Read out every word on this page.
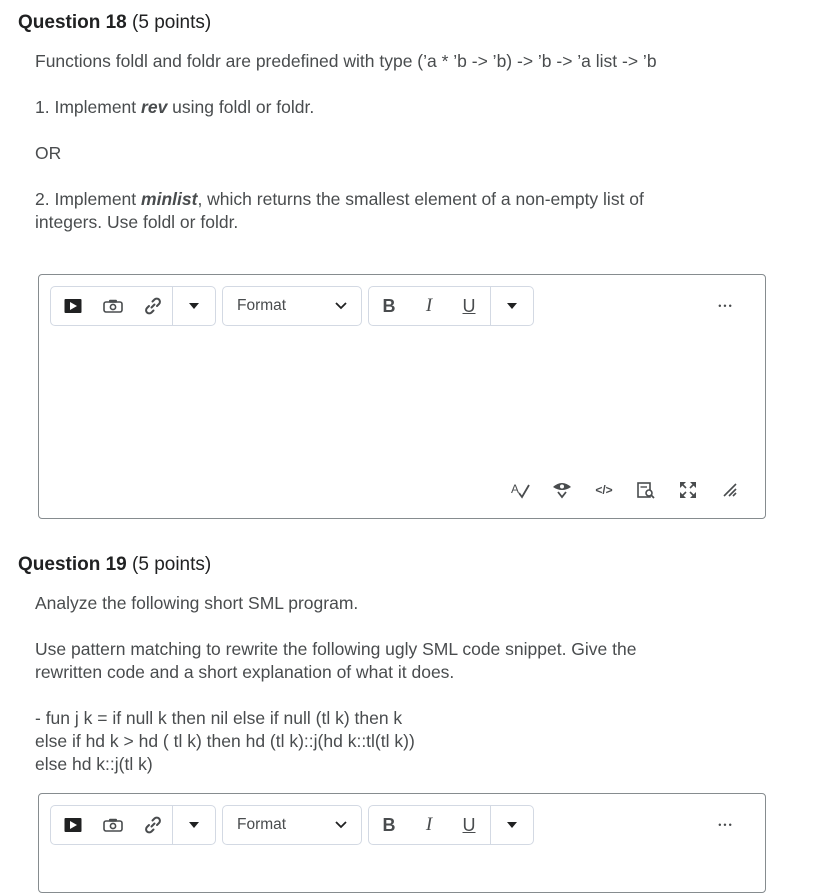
Question 18 (5 points)
Functions foldl and foldr are predefined with type (’a * ’b -> ’b) -> ’b -> ’a list -> ’b
1. Implement rev using foldl or foldr.
OR
2. Implement minlist, which returns the smallest element of a non-empty list of
integers. Use foldl or foldr.
Format	B	I	U	•••
A	</>
Question 19 (5 points)
Analyze the following short SML program.
Use pattern matching to rewrite the following ugly SML code snippet. Give the
rewritten code and a short explanation of what it does.
- fun j k = if null k then nil else if null (tl k) then k
else if hd k > hd ( tl k) then hd (tl k)::j(hd k::tl(tl k))
else hd k::j(tl k)
Format	B	I	U	•••
